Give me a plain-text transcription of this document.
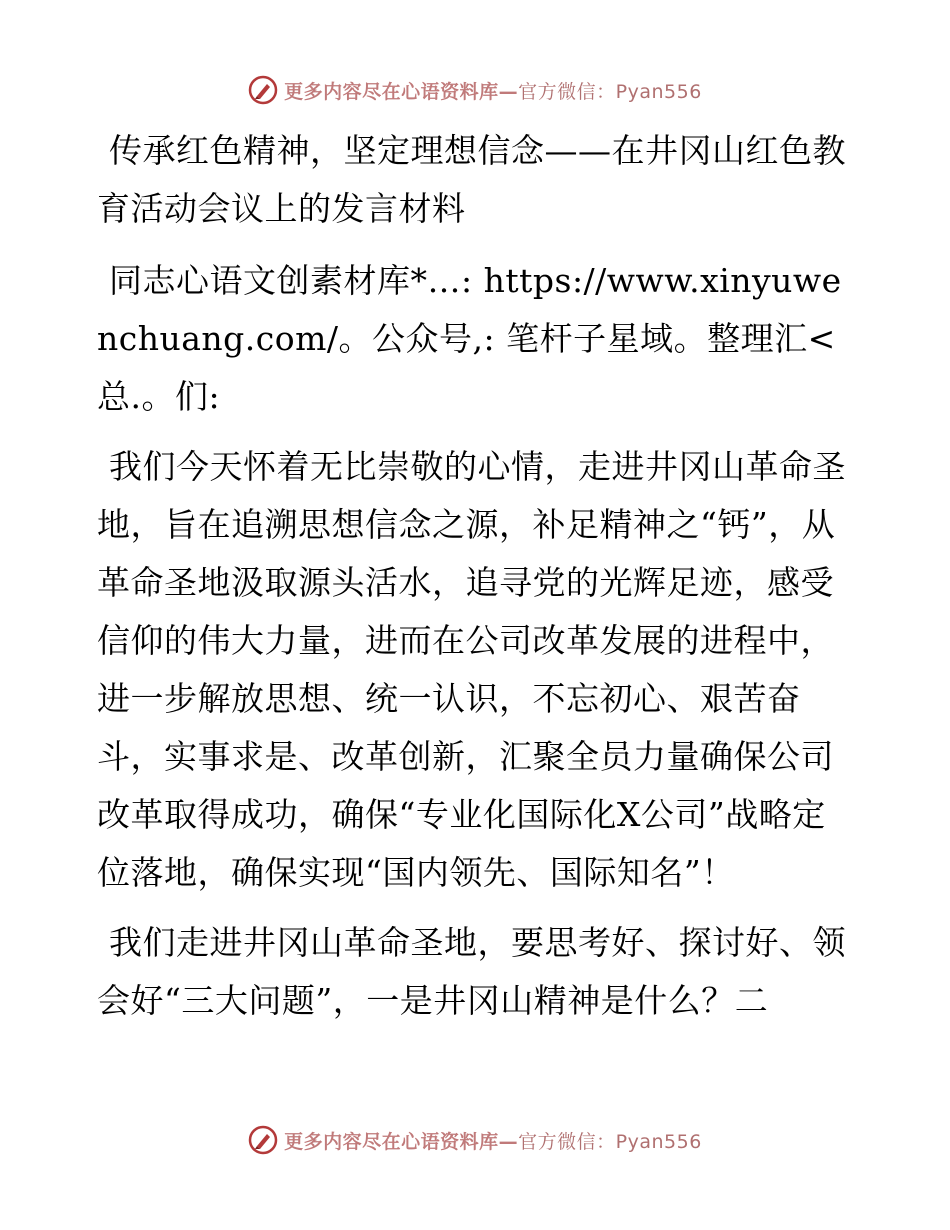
更多内容尽在心语资料库—官方微信：Pyan556

传承红色精神，坚定理想信念——在井冈山红色教育活动会议上的发言材料

同志心语文创素材库*…: https://www.xinyuwenchuang.com/。公众号,: 笔杆子星域。整理汇<总.。们:

我们今天怀着无比崇敬的心情，走进井冈山革命圣地，旨在追溯思想信念之源，补足精神之“钙”，从革命圣地汲取源头活水，追寻党的光辉足迹，感受信仰的伟大力量，进而在公司改革发展的进程中，进一步解放思想、统一认识，不忘初心、艰苦奋斗，实事求是、改革创新，汇聚全员力量确保公司改革取得成功，确保“专业化国际化X公司”战略定位落地，确保实现“国内领先、国际知名”！

我们走进井冈山革命圣地，要思考好、探讨好、领会好“三大问题”，一是井冈山精神是什么？二

更多内容尽在心语资料库—官方微信：Pyan556
